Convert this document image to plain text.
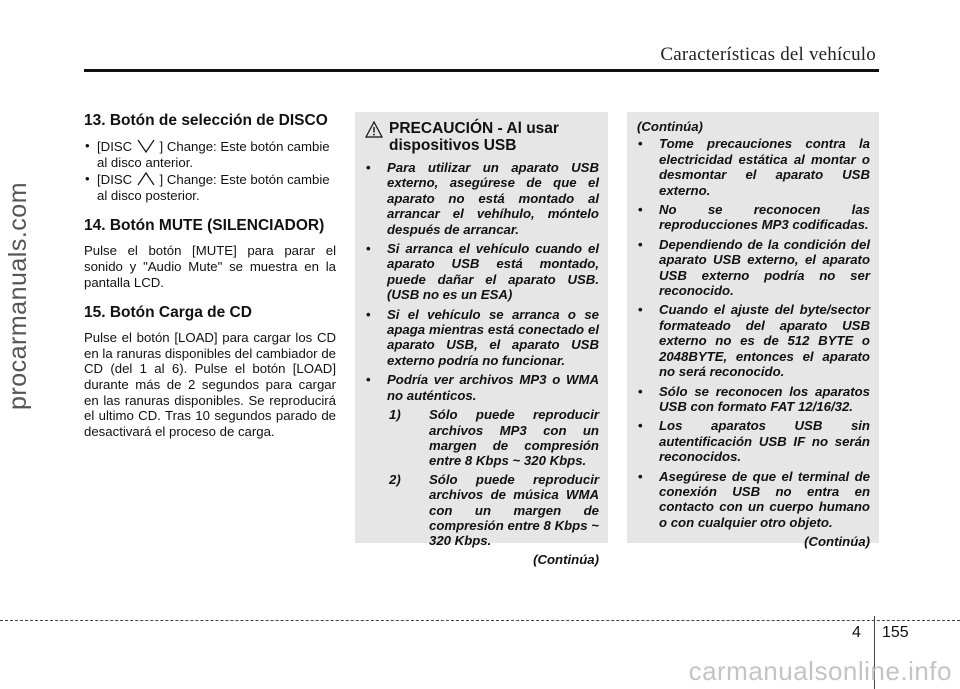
Características del vehículo
procarmanuals.com
13. Botón de selección de DISCO
• [DISC  ] Change: Este botón cambie al disco anterior.
• [DISC  ] Change: Este botón cambie al disco posterior.
14. Botón MUTE (SILENCIADOR)

Pulse el botón [MUTE] para parar el sonido y "Audio Mute" se muestra en la pantalla LCD.

15. Botón Carga de CD

Pulse el botón [LOAD] para cargar los CD en la ranuras disponibles del cambiador de CD (del 1 al 6). Pulse el botón [LOAD] durante más de 2 segundos para cargar en las ranuras disponibles. Se reproducirá el ultimo CD. Tras 10 segundos parado de desactivará el proceso de carga.

PRECAUCIÓN - Al usar dispositivos USB
• Para utilizar un aparato USB externo, asegúrese de que el aparato no está montado al arrancar el vehíhulo, móntelo después de arrancar.
• Si arranca el vehículo cuando el aparato USB está montado, puede dañar el aparato USB. (USB no es un ESA)
• Si el vehículo se arranca o se apaga mientras está conectado el aparato USB, el aparato USB externo podría no funcionar.
• Podría ver archivos MP3 o WMA no auténticos.
1) Sólo puede reproducir archivos MP3 con un margen de compresión entre 8 Kbps ~ 320 Kbps.
2) Sólo puede reproducir archivos de música WMA con un margen de compresión entre 8 Kbps ~ 320 Kbps.
(Continúa)
(Continúa)
• Tome precauciones contra la electricidad estática al montar o desmontar el aparato USB externo.
• No se reconocen las reproducciones MP3 codificadas.
• Dependiendo de la condición del aparato USB externo, el aparato USB externo podría no ser reconocido.
• Cuando el ajuste del byte/sector formateado del aparato USB externo no es de 512 BYTE o 2048BYTE, entonces el aparato no será reconocido.
• Sólo se reconocen los aparatos USB con formato FAT 12/16/32.
• Los aparatos USB sin autentificación USB IF no serán reconocidos.
• Asegúrese de que el terminal de conexión USB no entra en contacto con un cuerpo humano o con cualquier otro objeto.
(Continúa)
4 155
carmanualsonline.info
